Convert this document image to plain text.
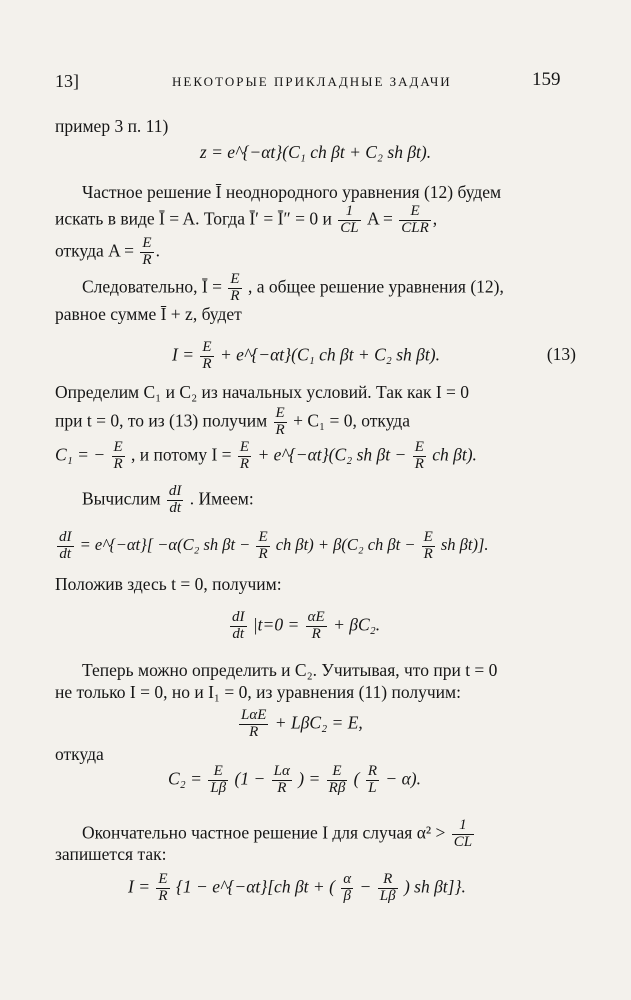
13]	НЕКОТОРЫЕ ПРИКЛАДНЫЕ ЗАДАЧИ	159
пример 3 п. 11)
z = e^{−αt}(C₁ ch βt + C₂ sh βt).
Частное решение Ī неоднородного уравнения (12) будем
искать в виде Ī = A. Тогда Ī′ = Ī″ = 0 и $\frac{1}{CL}$ $A = \frac{E}{\text{CLR}}$ ,
откуда $A = \frac{E}{R}$ .
Следовательно, Ī = $\frac{E}{R}$ , а общее решение уравнения (12),
равное сумме Ī + z, будет
$I = \frac{E}{R}$ + e^{−αt}(C₁ ch βt + C₂ sh βt).	(13)
Определим C₁ и C₂ из начальных условий. Так как I = 0
при t = 0, то из (13) получим $\frac{E}{R} + C_1 = 0$, откуда
C₁ = − $\frac{E}{R}$ , и потому $I = \frac{E}{R}$ + e^{−αt}(C₂ sh $\beta t - \frac{E}{R}$ ch βt).
Вычислим $\frac{dI}{dt}$ . Имеем:
$\frac{dI}{dt}$ = e^{−αt}[ −α(C₂ sh $\beta t - \frac{E}{R}$ ch βt) + β(C₂ ch $\beta t - \frac{E}{R}$ sh βt)].
Положив здесь t = 0, получим:
$\frac{dI}{dt} |t=0 = \frac{\alpha E}{R} + \beta C_2$.
Теперь можно определить и C₂. Учитывая, что при t = 0
не только I = 0, но и I₁ = 0, из уравнения (11) получим:
$\frac{\text{LαE}}{R} + L\beta C_2 = E$,
откуда
$C_2 = \frac{E}{L\beta} (1 - \frac{L\alpha}{R}$ ) = $\frac{E}{R\beta}$ ( $\frac{R}{L} - \alpha$).
Окончательно частное решение I для случая $\alpha^2 > \frac{1}{CL}$
запишется так:
$I = \frac{E}{R} \{1$ − e^{−αt}[ch βt + ( $\frac{\alpha}{\beta} - \frac{R}{L\beta}$ ) sh βt]}.
